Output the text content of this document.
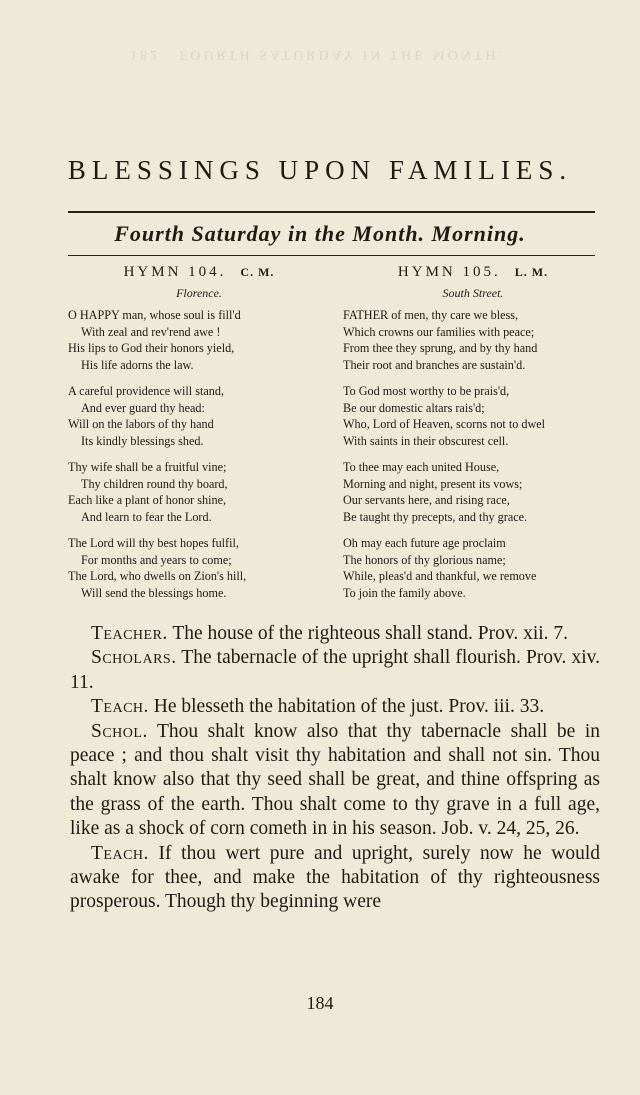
182   FOURTH SATURDAY IN THE MONTH.
BLESSINGS UPON FAMILIES.
Fourth Saturday in the Month. Morning.
HYMN 104. C. M.
Florence.
O HAPPY man, whose soul is fill'd
With zeal and rev'rend awe !
His lips to God their honors yield,
His life adorns the law.
A careful providence will stand,
And ever guard thy head:
Will on the labors of thy hand
Its kindly blessings shed.
Thy wife shall be a fruitful vine;
Thy children round thy board,
Each like a plant of honor shine,
And learn to fear the Lord.
The Lord will thy best hopes fulfil,
For months and years to come;
The Lord, who dwells on Zion's hill,
Will send the blessings home.
HYMN 105. L. M.
South Street.
FATHER of men, thy care we bless,
Which crowns our families with peace;
From thee they sprung, and by thy hand
Their root and branches are sustain'd.
To God most worthy to be prais'd,
Be our domestic altars rais'd;
Who, Lord of Heaven, scorns not to dwel
With saints in their obscurest cell.
To thee may each united House,
Morning and night, present its vows;
Our servants here, and rising race,
Be taught thy precepts, and thy grace.
Oh may each future age proclaim
The honors of thy glorious name;
While, pleas'd and thankful, we remove
To join the family above.

Teacher. The house of the righteous shall stand. Prov. xii. 7.

Scholars. The tabernacle of the upright shall flourish. Prov. xiv. 11.

Teach. He blesseth the habitation of the just. Prov. iii. 33.

Schol. Thou shalt know also that thy tabernacle shall be in peace ; and thou shalt visit thy habitation and shall not sin. Thou shalt know also that thy seed shall be great, and thine offspring as the grass of the earth. Thou shalt come to thy grave in a full age, like as a shock of corn cometh in in his season. Job. v. 24, 25, 26.

Teach. If thou wert pure and upright, surely now he would awake for thee, and make the habitation of thy righteousness prosperous. Though thy beginning were

184
